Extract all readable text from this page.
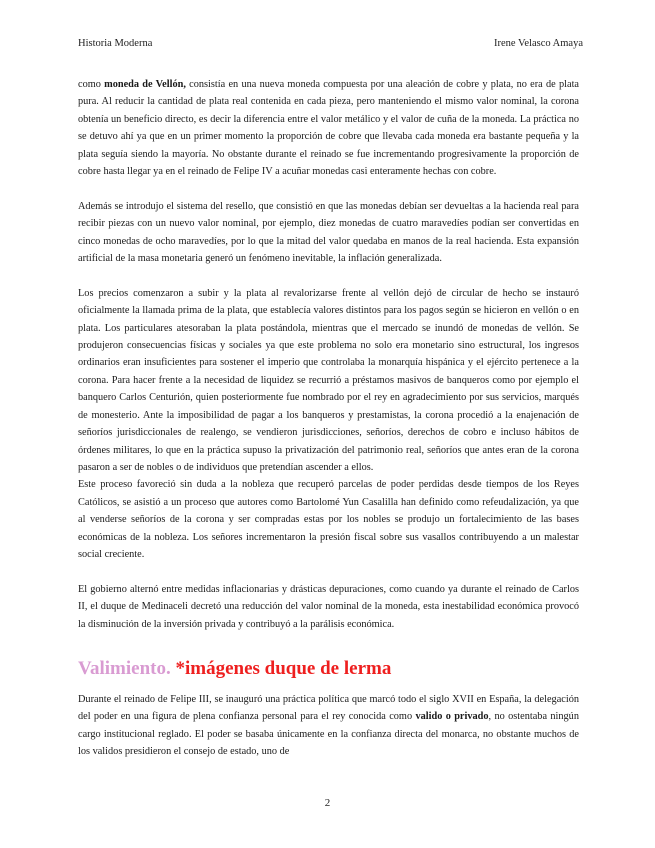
Historia Moderna	Irene Velasco Amaya

como moneda de Vellón, consistía en una nueva moneda compuesta por una aleación de cobre y plata, no era de plata pura. Al reducir la cantidad de plata real contenida en cada pieza, pero manteniendo el mismo valor nominal, la corona obtenía un beneficio directo, es decir la diferencia entre el valor metálico y el valor de cuña de la moneda. La práctica no se detuvo ahí ya que en un primer momento la proporción de cobre que llevaba cada moneda era bastante pequeña y la plata seguía siendo la mayoría. No obstante durante el reinado se fue incrementando progresivamente la proporción de cobre hasta llegar ya en el reinado de Felipe IV a acuñar monedas casi enteramente hechas con cobre.

Además se introdujo el sistema del resello, que consistió en que las monedas debían ser devueltas a la hacienda real para recibir piezas con un nuevo valor nominal, por ejemplo, diez monedas de cuatro maravedíes podían ser convertidas en cinco monedas de ocho maravedíes, por lo que la mitad del valor quedaba en manos de la real hacienda. Esta expansión artificial de la masa monetaria generó un fenómeno inevitable, la inflación generalizada.

Los precios comenzaron a subir y la plata al revalorizarse frente al vellón dejó de circular de hecho se instauró oficialmente la llamada prima de la plata, que establecía valores distintos para los pagos según se hicieron en vellón o en plata. Los particulares atesoraban la plata postándola, mientras que el mercado se inundó de monedas de vellón. Se produjeron consecuencias físicas y sociales ya que este problema no solo era monetario sino estructural, los ingresos ordinarios eran insuficientes para sostener el imperio que controlaba la monarquía hispánica y el ejército pertenece a la corona. Para hacer frente a la necesidad de liquidez se recurrió a préstamos masivos de banqueros como por ejemplo el banquero Carlos Centurión, quien posteriormente fue nombrado por el rey en agradecimiento por sus servicios, marqués de monesterio. Ante la imposibilidad de pagar a los banqueros y prestamistas, la corona procedió a la enajenación de señoríos jurisdiccionales de realengo, se vendieron jurisdicciones, señoríos, derechos de cobro e incluso hábitos de órdenes militares, lo que en la práctica supuso la privatización del patrimonio real, señoríos que antes eran de la corona pasaron a ser de nobles o de individuos que pretendían ascender a ellos.

Este proceso favoreció sin duda a la nobleza que recuperó parcelas de poder perdidas desde tiempos de los Reyes Católicos, se asistió a un proceso que autores como Bartolomé Yun Casalilla han definido como refeudalización, ya que al venderse señoríos de la corona y ser compradas estas por los nobles se produjo un fortalecimiento de las bases económicas de la nobleza. Los señores incrementaron la presión fiscal sobre sus vasallos contribuyendo a un malestar social creciente.

El gobierno alternó entre medidas inflacionarias y drásticas depuraciones, como cuando ya durante el reinado de Carlos II, el duque de Medinaceli decretó una reducción del valor nominal de la moneda, esta inestabilidad económica provocó la disminución de la inversión privada y contribuyó a la parálisis económica.

Valimiento. *imágenes duque de lerma

Durante el reinado de Felipe III, se inauguró una práctica política que marcó todo el siglo XVII en España, la delegación del poder en una figura de plena confianza personal para el rey conocida como valido o privado, no ostentaba ningún cargo institucional reglado. El poder se basaba únicamente en la confianza directa del monarca, no obstante muchos de los validos presidieron el consejo de estado, uno de

2
